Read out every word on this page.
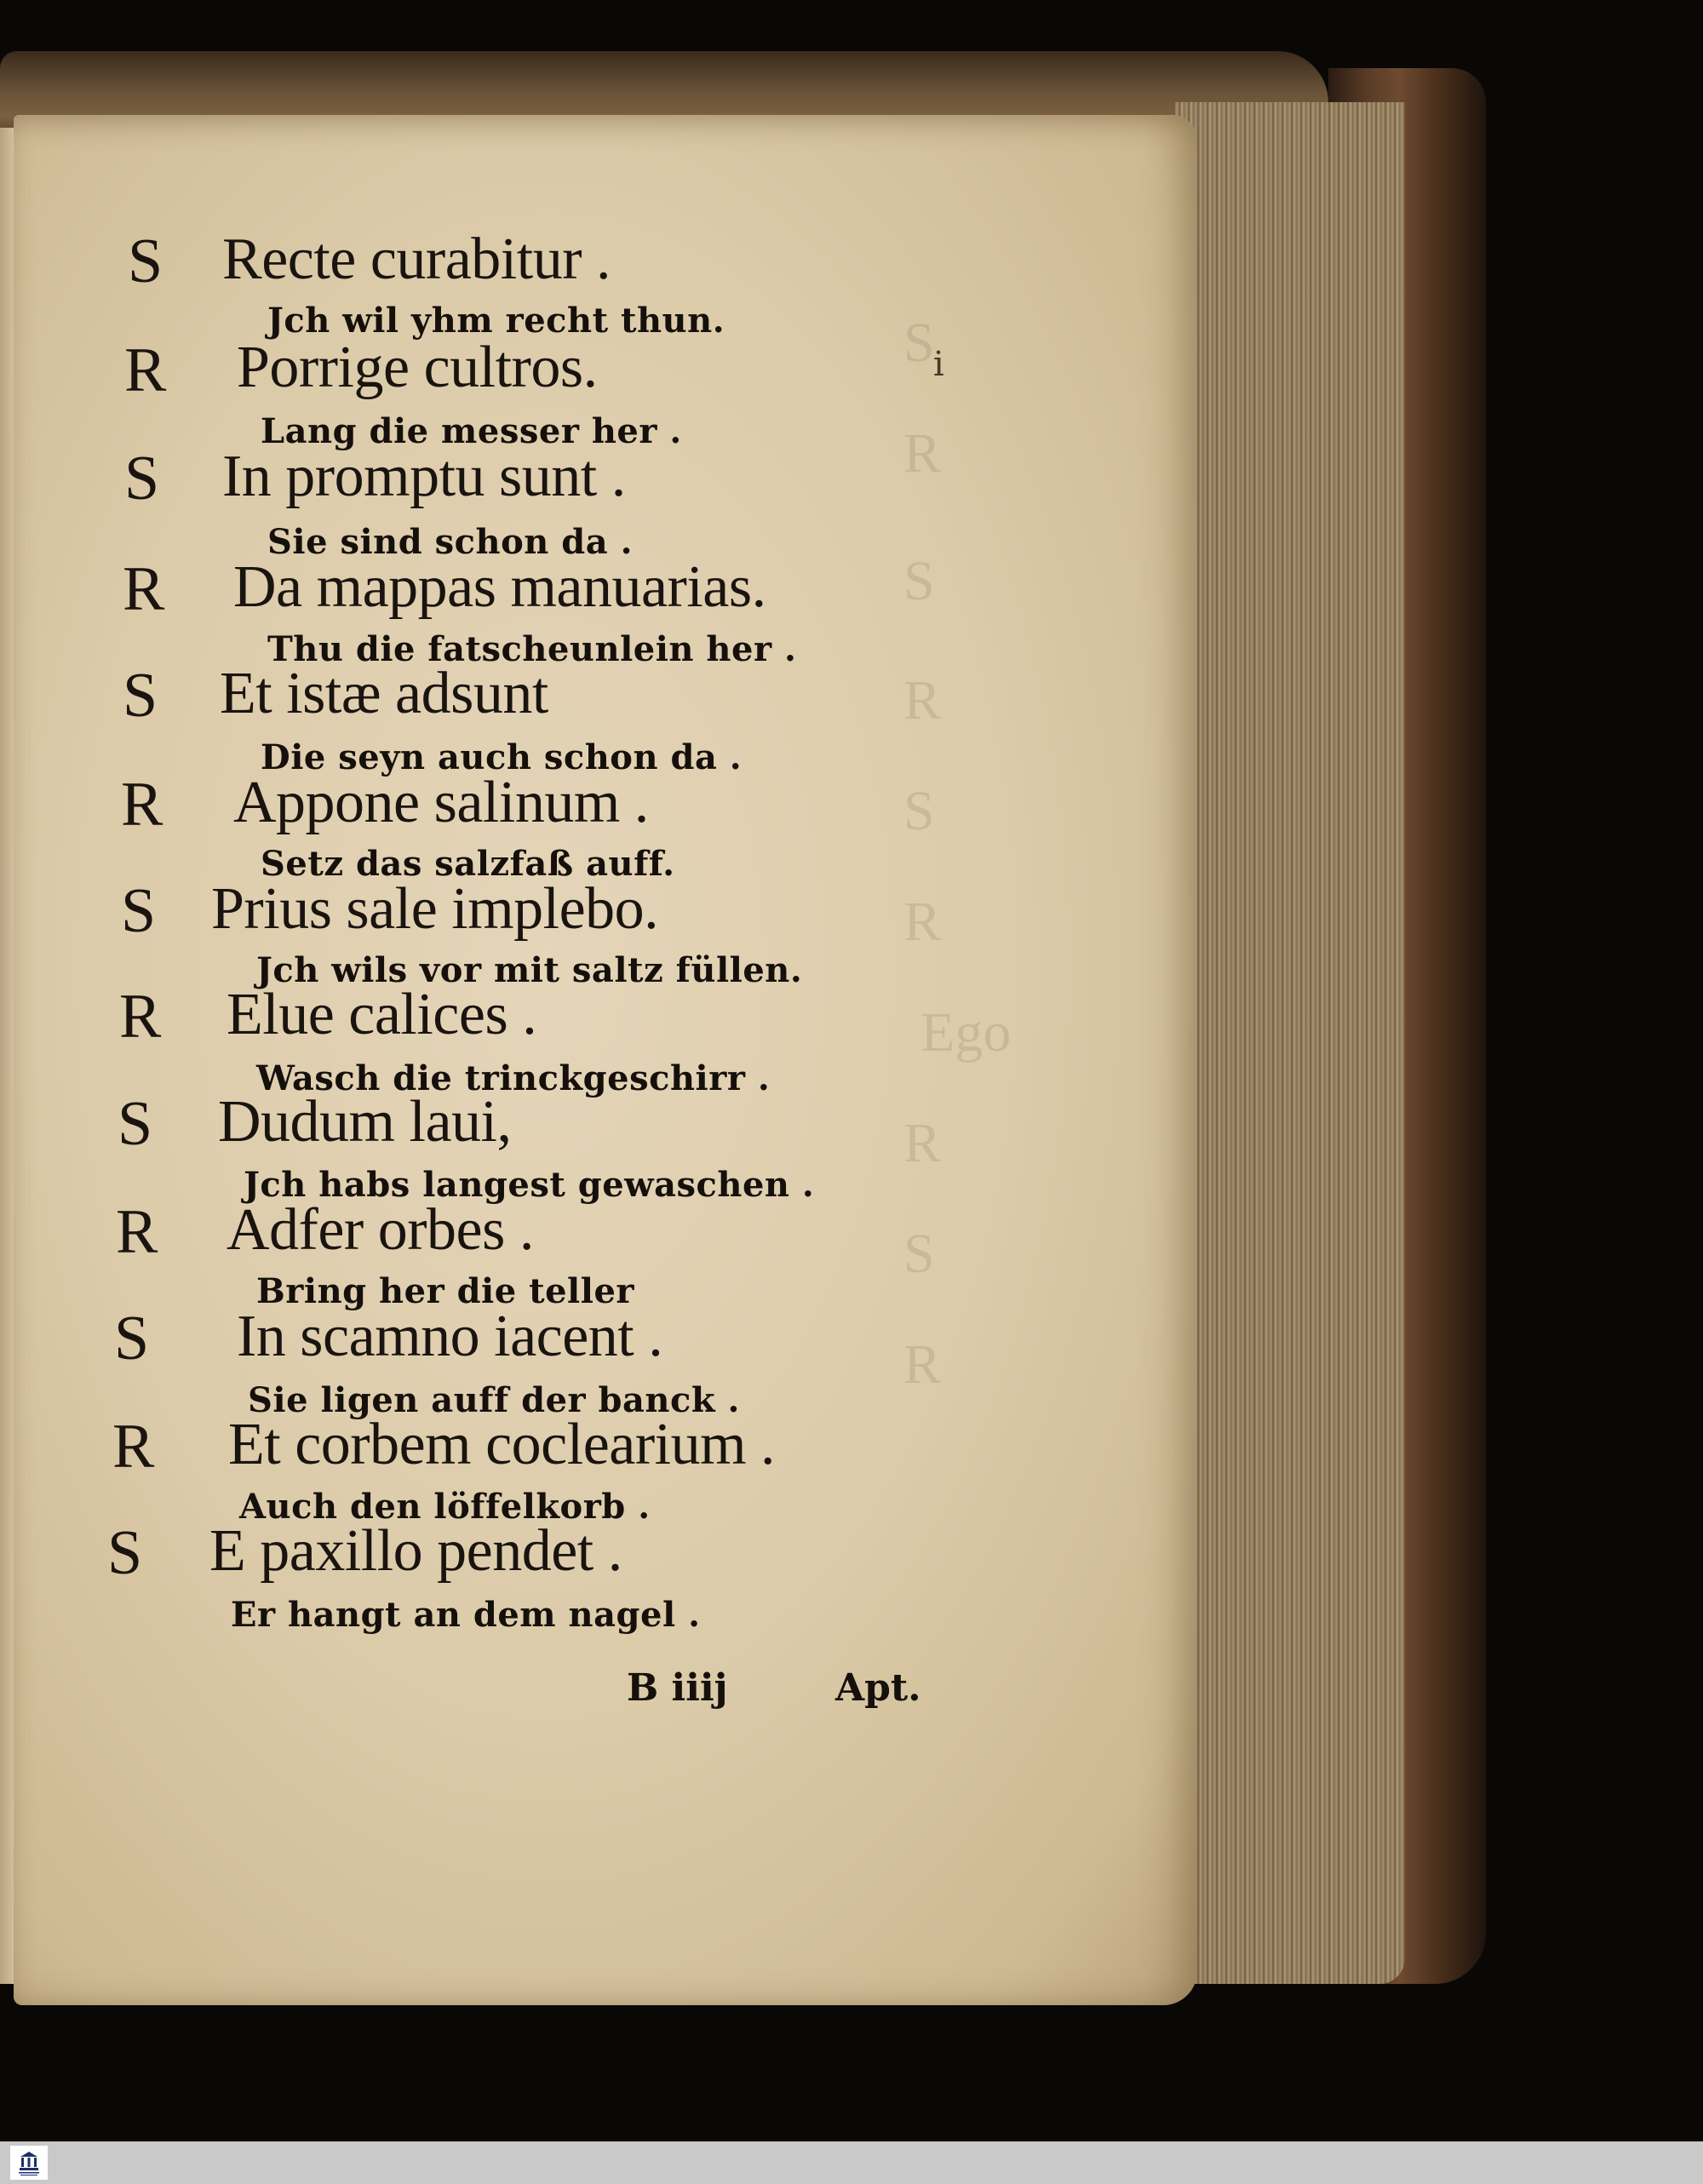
i
S
R
S
R
S
R
Ego
R
S
R
S Recte curabitur .
Jch wil yhm recht thun.
R Porrige cultros.
Lang die messer her .
S In promptu sunt .
Sie sind schon da .
R Da mappas manuarias.
Thu die fatscheunlein her .
S Et istæ adsunt
Die seyn auch schon da .
R Appone salinum .
Setz das salzfaß auff.
S Prius sale implebo.
Jch wils vor mit saltz füllen.
R Elue calices .
Wasch die trinckgeschirr .
S Dudum laui,
Jch habs langest gewaschen .
R Adfer orbes .
Bring her die teller
S In scamno iacent .
Sie ligen auff der banck .
R Et corbem coclearium .
Auch den löffelkorb .
S E paxillo pendet .
Er hangt an dem nagel .
B iiij	Apt.
